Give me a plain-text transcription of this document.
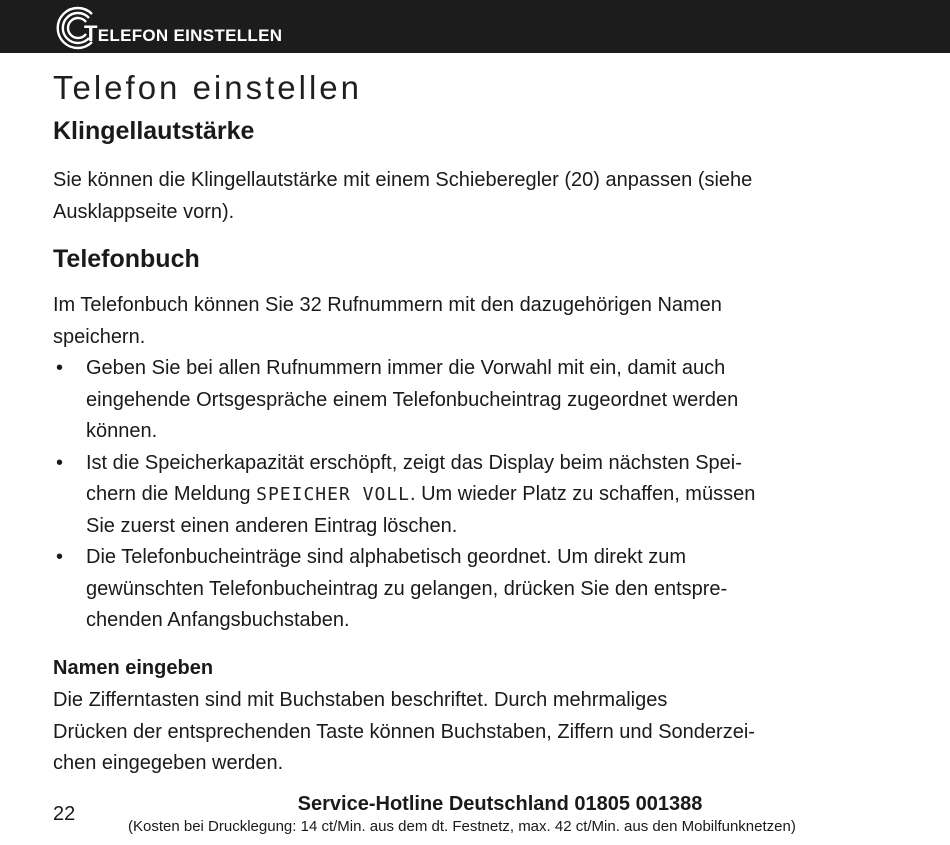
TELEFON EINSTELLEN
Telefon einstellen
Klingellautstärke
Sie können die Klingellautstärke mit einem Schieberegler (20) anpassen (siehe
Ausklappseite vorn).
Telefonbuch
Im Telefonbuch können Sie 32 Rufnummern mit den dazugehörigen Namen
speichern.
• Geben Sie bei allen Rufnummern immer die Vorwahl mit ein, damit auch
eingehende Ortsgespräche einem Telefonbucheintrag zugeordnet werden
können.
• Ist die Speicherkapazität erschöpft, zeigt das Display beim nächsten Spei-
chern die Meldung SPEICHER VOLL. Um wieder Platz zu schaffen, müssen
Sie zuerst einen anderen Eintrag löschen.
• Die Telefonbucheinträge sind alphabetisch geordnet. Um direkt zum
gewünschten Telefonbucheintrag zu gelangen, drücken Sie den entspre-
chenden Anfangsbuchstaben.
Namen eingeben
Die Zifferntasten sind mit Buchstaben beschriftet. Durch mehrmaliges
Drücken der entsprechenden Taste können Buchstaben, Ziffern und Sonderzei-
chen eingegeben werden.
22	Service-Hotline Deutschland 01805 001388
(Kosten bei Drucklegung: 14 ct/Min. aus dem dt. Festnetz, max. 42 ct/Min. aus den Mobilfunknetzen)
